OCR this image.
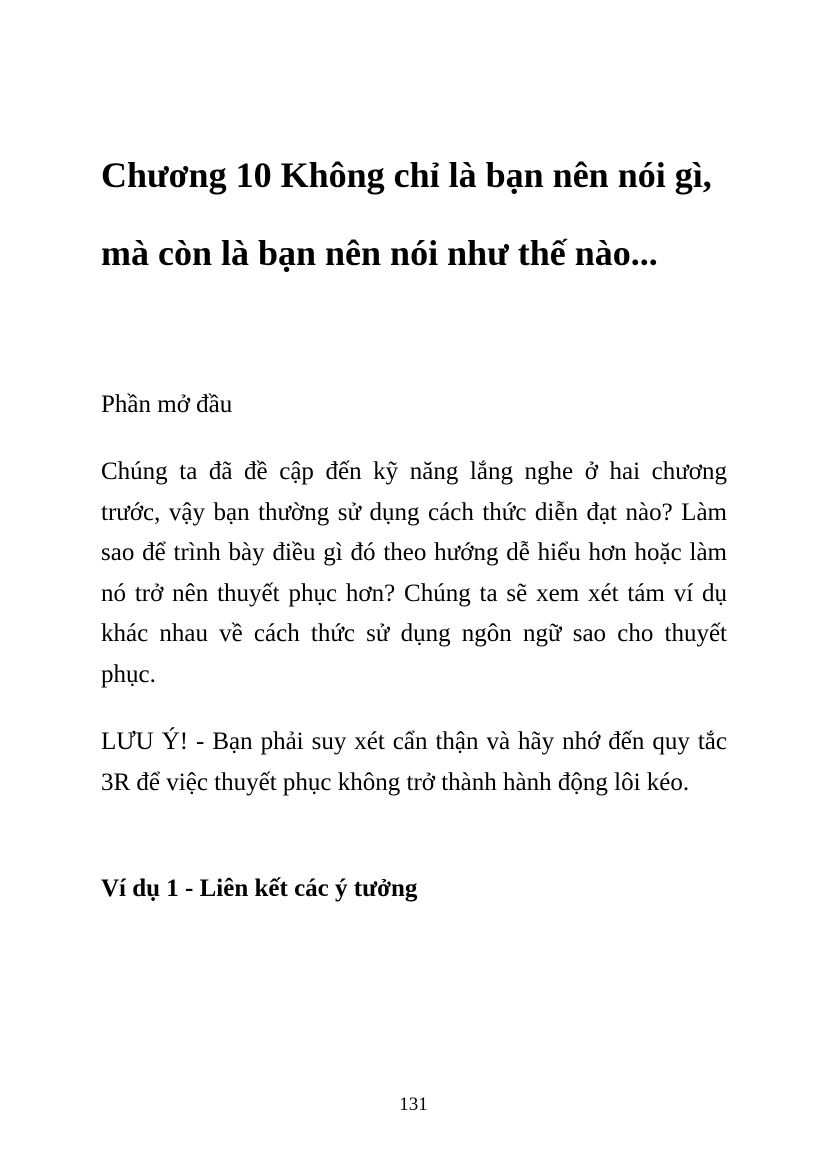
Chương 10 Không chỉ là bạn nên nói gì, mà còn là bạn nên nói như thế nào...
Phần mở đầu

Chúng ta đã đề cập đến kỹ năng lắng nghe ở hai chương trước, vậy bạn thường sử dụng cách thức diễn đạt nào? Làm sao để trình bày điều gì đó theo hướng dễ hiểu hơn hoặc làm nó trở nên thuyết phục hơn? Chúng ta sẽ xem xét tám ví dụ khác nhau về cách thức sử dụng ngôn ngữ sao cho thuyết phục.

LƯU Ý! - Bạn phải suy xét cẩn thận và hãy nhớ đến quy tắc 3R để việc thuyết phục không trở thành hành động lôi kéo.

Ví dụ 1 - Liên kết các ý tưởng
131
